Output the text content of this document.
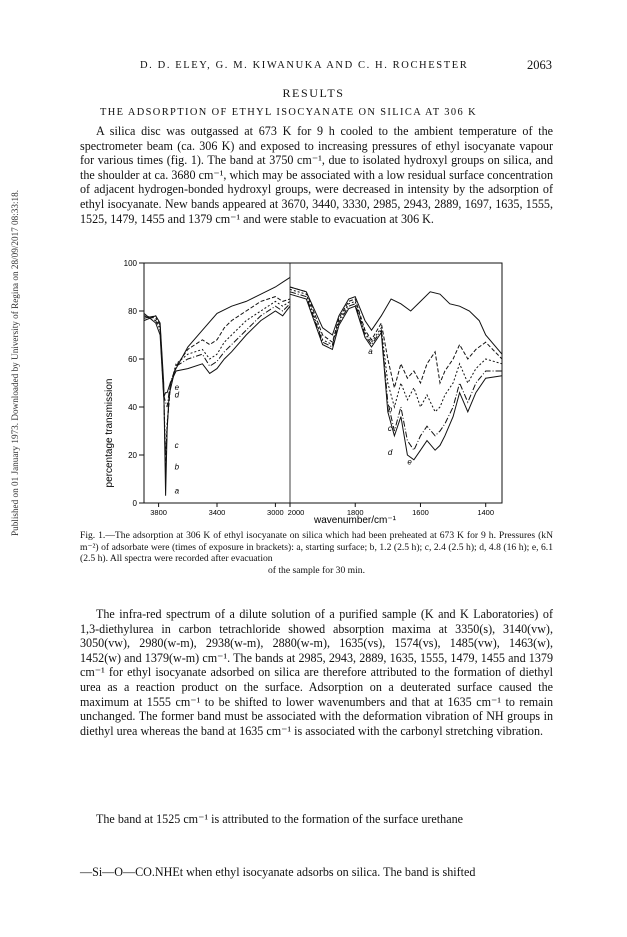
Published on 01 January 1973. Downloaded by University of Regina on 28/09/2017 08:33:18.
D. D. ELEY, G. M. KIWANUKA AND C. H. ROCHESTER	2063
RESULTS
THE ADSORPTION OF ETHYL ISOCYANATE ON SILICA AT 306 K

A silica disc was outgassed at 673 K for 9 h cooled to the ambient temperature of the spectrometer beam (ca. 306 K) and exposed to increasing pressures of ethyl isocyanate vapour for various times (fig. 1). The band at 3750 cm⁻¹, due to isolated hydroxyl groups on silica, and the shoulder at ca. 3680 cm⁻¹, which may be associated with a low residual surface concentration of adjacent hydrogen-bonded hydroxyl groups, were decreased in intensity by the adsorption of ethyl isocyanate. New bands appeared at 3670, 3440, 3330, 2985, 2943, 2889, 1697, 1635, 1555, 1525, 1479, 1455 and 1379 cm⁻¹ and were stable to evacuation at 306 K.

0
20
40
60
80
100
3800	3400	3000 2000	1800	1600	1400
a
a
b
b
c
c
d
d
e
e
percentage transmission
wavenumber/cm⁻¹
Fig. 1.—The adsorption at 306 K of ethyl isocyanate on silica which had been preheated at 673 K for 9 h. Pressures (kN m⁻²) of adsorbate were (times of exposure in brackets): a, starting surface; b, 1.2 (2.5 h); c, 2.4 (2.5 h); d, 4.8 (16 h); e, 6.1 (2.5 h). All spectra were recorded after evacuation
of the sample for 30 min.

The infra-red spectrum of a dilute solution of a purified sample (K and K Laboratories) of 1,3-diethylurea in carbon tetrachloride showed absorption maxima at 3350(s), 3140(vw), 3050(vw), 2980(w-m), 2938(w-m), 2880(w-m), 1635(vs), 1574(vs), 1485(vw), 1463(w), 1452(w) and 1379(w-m) cm⁻¹. The bands at 2985, 2943, 2889, 1635, 1555, 1479, 1455 and 1379 cm⁻¹ for ethyl isocyanate adsorbed on silica are therefore attributed to the formation of diethyl urea as a reaction product on the surface. Adsorption on a deuterated surface caused the maximum at 1555 cm⁻¹ to be shifted to lower wavenumbers and that at 1635 cm⁻¹ to remain unchanged. The former band must be associated with the deformation vibration of NH groups in diethyl urea whereas the band at 1635 cm⁻¹ is associated with the carbonyl stretching vibration.

The band at 1525 cm⁻¹ is attributed to the formation of the surface urethane

—Si—O—CO.NHEt when ethyl isocyanate adsorbs on silica. The band is shifted
